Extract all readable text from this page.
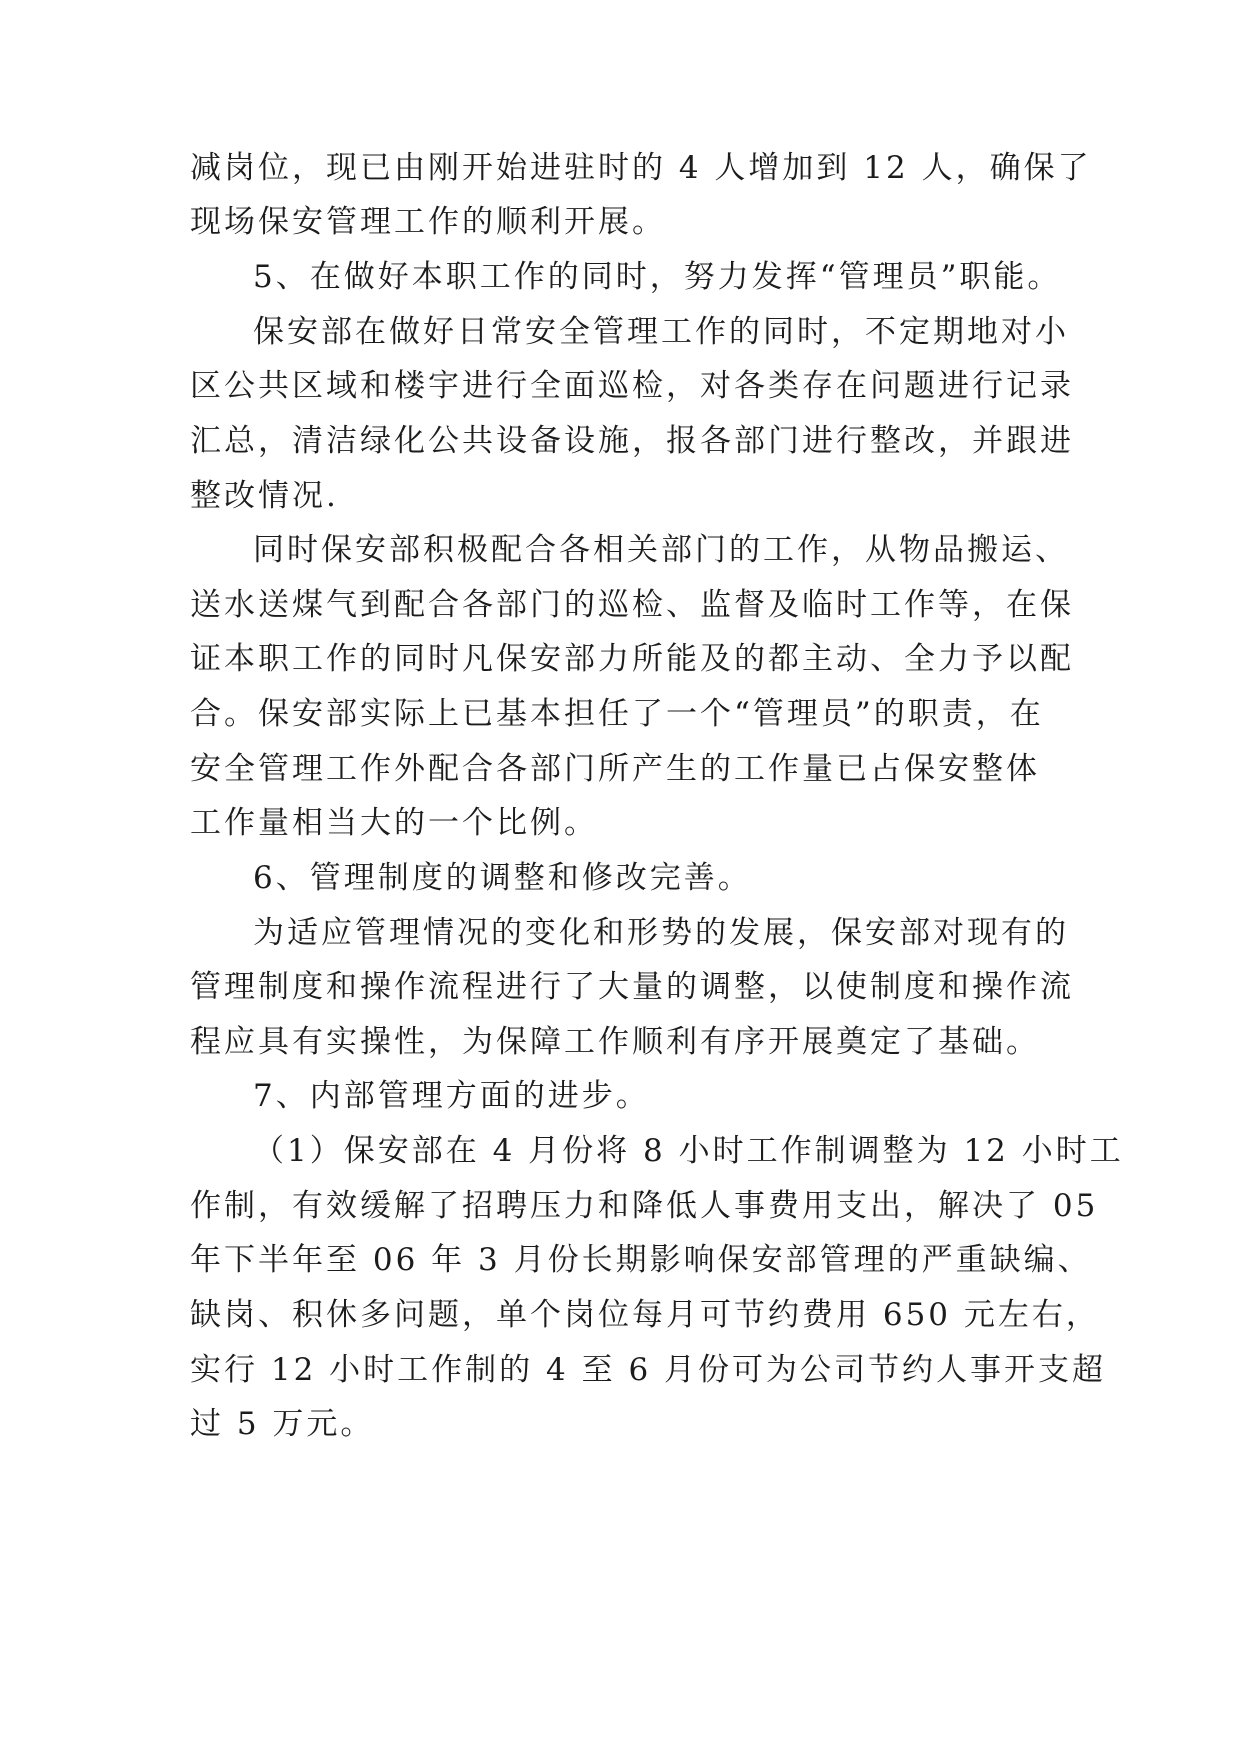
减岗位，现已由刚开始进驻时的 4 人增加到 12 人，确保了
现场保安管理工作的顺利开展。
5、在做好本职工作的同时，努力发挥“管理员”职能。
保安部在做好日常安全管理工作的同时，不定期地对小
区公共区域和楼宇进行全面巡检，对各类存在问题进行记录
汇总，清洁绿化公共设备设施，报各部门进行整改，并跟进
整改情况.
同时保安部积极配合各相关部门的工作，从物品搬运、
送水送煤气到配合各部门的巡检、监督及临时工作等，在保
证本职工作的同时凡保安部力所能及的都主动、全力予以配
合。保安部实际上已基本担任了一个“管理员”的职责，在
安全管理工作外配合各部门所产生的工作量已占保安整体
工作量相当大的一个比例。
6、管理制度的调整和修改完善。
为适应管理情况的变化和形势的发展，保安部对现有的
管理制度和操作流程进行了大量的调整，以使制度和操作流
程应具有实操性，为保障工作顺利有序开展奠定了基础。
7、内部管理方面的进步。
（1）保安部在 4 月份将 8 小时工作制调整为 12 小时工
作制，有效缓解了招聘压力和降低人事费用支出，解决了 05
年下半年至 06 年 3 月份长期影响保安部管理的严重缺编、
缺岗、积休多问题，单个岗位每月可节约费用 650 元左右，
实行 12 小时工作制的 4 至 6 月份可为公司节约人事开支超
过 5 万元。
